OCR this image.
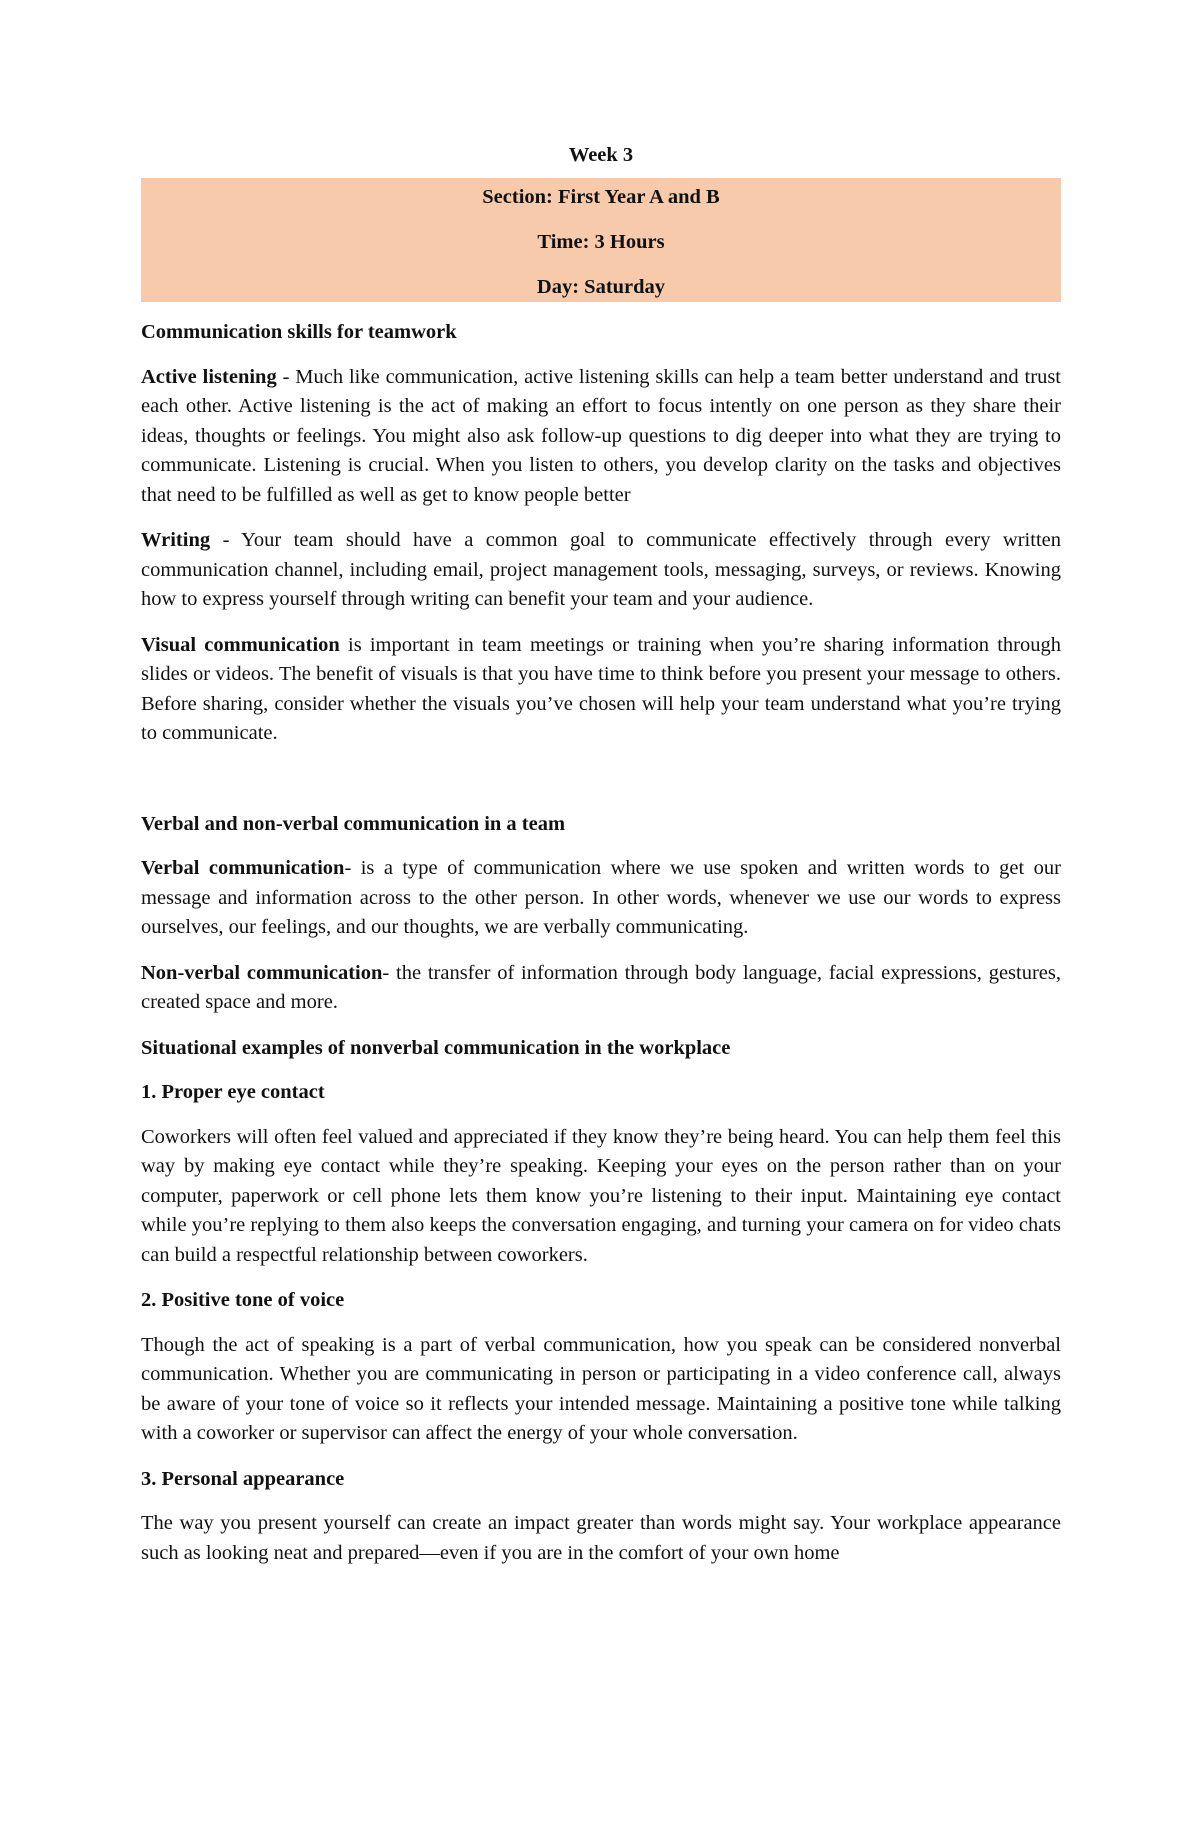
Week 3
Section: First Year A and B
Time: 3 Hours
Day: Saturday
Communication skills for teamwork

Active listening - Much like communication, active listening skills can help a team better understand and trust each other. Active listening is the act of making an effort to focus intently on one person as they share their ideas, thoughts or feelings. You might also ask follow-up questions to dig deeper into what they are trying to communicate. Listening is crucial. When you listen to others, you develop clarity on the tasks and objectives that need to be fulfilled as well as get to know people better

Writing - Your team should have a common goal to communicate effectively through every written communication channel, including email, project management tools, messaging, surveys, or reviews. Knowing how to express yourself through writing can benefit your team and your audience.

Visual communication is important in team meetings or training when you’re sharing information through slides or videos. The benefit of visuals is that you have time to think before you present your message to others. Before sharing, consider whether the visuals you’ve chosen will help your team understand what you’re trying to communicate.

Verbal and non-verbal communication in a team

Verbal communication- is a type of communication where we use spoken and written words to get our message and information across to the other person. In other words, whenever we use our words to express ourselves, our feelings, and our thoughts, we are verbally communicating.

Non-verbal communication- the transfer of information through body language, facial expressions, gestures, created space and more.

Situational examples of nonverbal communication in the workplace
1. Proper eye contact

Coworkers will often feel valued and appreciated if they know they’re being heard. You can help them feel this way by making eye contact while they’re speaking. Keeping your eyes on the person rather than on your computer, paperwork or cell phone lets them know you’re listening to their input. Maintaining eye contact while you’re replying to them also keeps the conversation engaging, and turning your camera on for video chats can build a respectful relationship between coworkers.

2. Positive tone of voice

Though the act of speaking is a part of verbal communication, how you speak can be considered nonverbal communication. Whether you are communicating in person or participating in a video conference call, always be aware of your tone of voice so it reflects your intended message. Maintaining a positive tone while talking with a coworker or supervisor can affect the energy of your whole conversation.

3. Personal appearance

The way you present yourself can create an impact greater than words might say. Your workplace appearance such as looking neat and prepared—even if you are in the comfort of your own home
